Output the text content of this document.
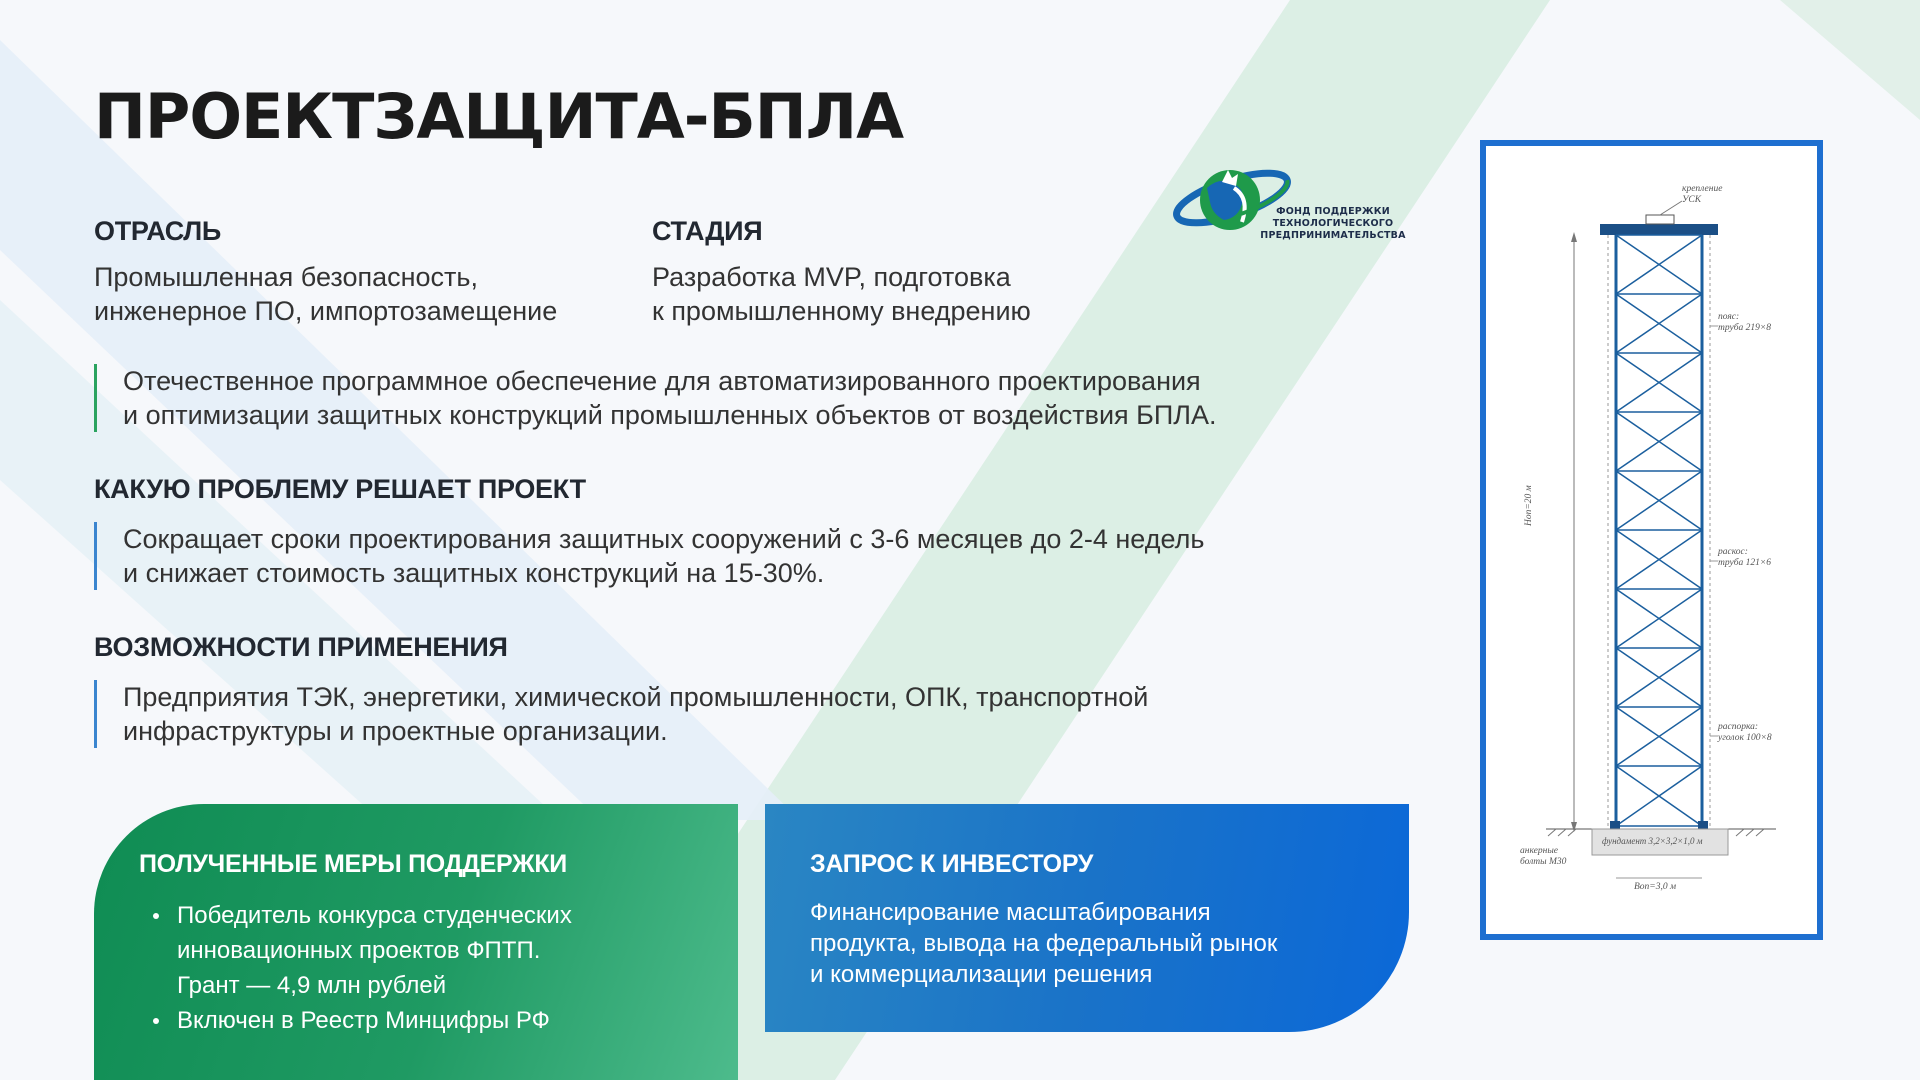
ПРОЕКТЗАЩИТА-БПЛА
ФОНД ПОДДЕРЖКИ
ТЕХНОЛОГИЧЕСКОГО
ПРЕДПРИНИМАТЕЛЬСТВА
ОТРАСЛЬ
Промышленная безопасность,
инженерное ПО, импортозамещение
СТАДИЯ
Разработка MVP, подготовка
к промышленному внедрению
Отечественное программное обеспечение для автоматизированного проектирования
и оптимизации защитных конструкций промышленных объектов от воздействия БПЛА.
КАКУЮ ПРОБЛЕМУ РЕШАЕТ ПРОЕКТ
Сокращает сроки проектирования защитных сооружений с 3-6 месяцев до 2-4 недель
и снижает стоимость защитных конструкций на 15-30%.
ВОЗМОЖНОСТИ ПРИМЕНЕНИЯ
Предприятия ТЭК, энергетики, химической промышленности, ОПК, транспортной
инфраструктуры и проектные организации.
ПОЛУЧЕННЫЕ МЕРЫ ПОДДЕРЖКИ
Победитель конкурса студенческих
инновационных проектов ФПТП.
Грант — 4,9 млн рублей
Включен в Реестр Минцифры РФ
ЗАПРОС К ИНВЕСТОРУ
Финансирование масштабирования
продукта, вывода на федеральный рынок
и коммерциализации решения
крепление
УСК
пояс:
труба 219×8
раскос:
труба 121×6
распорка:
уголок 100×8
Hоп=20 м
фундамент 3,2×3,2×1,0 м
анкерные
болты М30
Bоп=3,0 м
